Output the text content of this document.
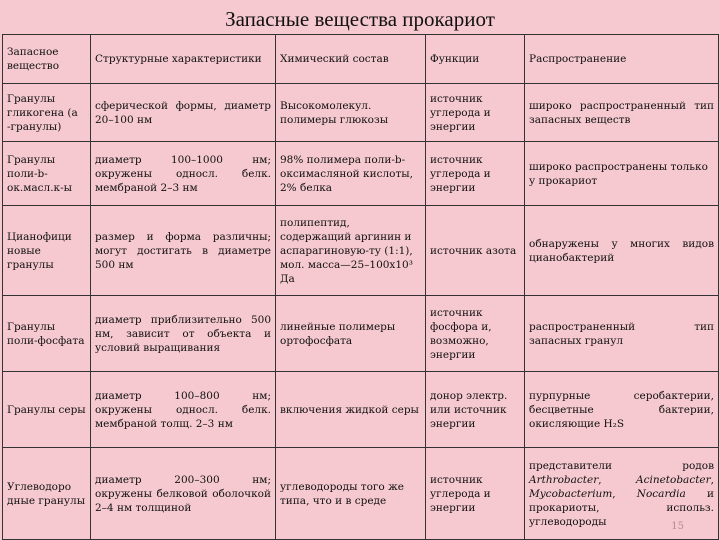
Запасные вещества прокариот
Запасное вещество	Структурные характеристики	Химический состав	Функции	Распространение
Гранулы гликогена (а -гранулы)	сферической формы, диаметр 20–100 нм	Высокомолекул. полимеры глюкозы	источник углерода и энергии	широко распространенный тип запасных веществ
Гранулы поли-b-ок.масл.к-ы	диаметр 100–1000 нм; окружены односл. белк. мембраной 2–3 нм	98% полимера поли-b-оксимасляной кислоты, 2% белка	источник углерода и энергии	широко распространены только у прокариот
Цианофици новые гранулы	размер и форма различны; могут достигать в диаметре 500 нм	полипептид, содержащий аргинин и аспарагиновую-ту (1:1), мол. масса—25–100x10³ Да	источник азота	обнаружены у многих видов цианобактерий
Гранулы поли-фосфата	диаметр приблизительно 500 нм, зависит от объекта и условий выращивания	линейные полимеры ортофосфата	источник фосфора и, возможно, энергии	распространенный тип запасных гранул
Гранулы серы	диаметр 100–800 нм; окружены односл. белк. мембраной толщ. 2–3 нм	включения жидкой серы	донор электр. или источник энергии	пурпурные серобактерии, бесцветные бактерии, окисляющие H₂S
Углеводоро дные гранулы	диаметр 200–300 нм; окружены белковой оболочкой 2–4 нм толщиной	углеводороды того же типа, что и в среде	источник углерода и энергии	представители родов Arthrobacter, Acinetobacter, Mycobacterium, Nocardia и прокариоты, использ. углеводороды	15
